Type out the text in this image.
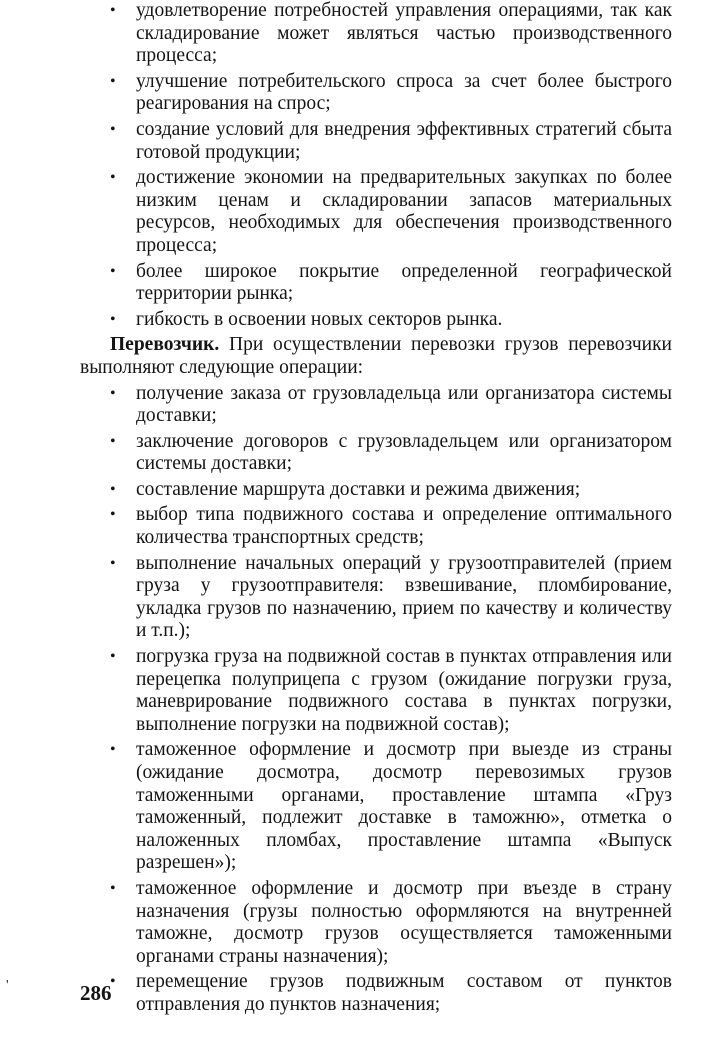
• удовлетворение потребностей управления операциями, так как складирование может являться частью производственного процесса;
• улучшение потребительского спроса за счет более быстрого реагирования на спрос;
• создание условий для внедрения эффективных стратегий сбыта готовой продукции;
• достижение экономии на предварительных закупках по более низким ценам и складировании запасов материальных ресурсов, необходимых для обеспечения производственного процесса;
• более широкое покрытие определенной географической территории рынка;
• гибкость в освоении новых секторов рынка.
Перевозчик. При осуществлении перевозки грузов перевозчики выполняют следующие операции:
• получение заказа от грузовладельца или организатора системы доставки;
• заключение договоров с грузовладельцем или организатором системы доставки;
• составление маршрута доставки и режима движения;
• выбор типа подвижного состава и определение оптимального количества транспортных средств;
• выполнение начальных операций у грузоотправителей (прием груза у грузоотправителя: взвешивание, пломбирование, укладка грузов по назначению, прием по качеству и количеству и т.п.);
• погрузка груза на подвижной состав в пунктах отправления или перецепка полуприцепа с грузом (ожидание погрузки груза, маневрирование подвижного состава в пунктах погрузки, выполнение погрузки на подвижной состав);
• таможенное оформление и досмотр при выезде из страны (ожидание досмотра, досмотр перевозимых грузов таможенными органами, проставление штампа «Груз таможенный, подлежит доставке в таможню», отметка о наложенных пломбах, проставление штампа «Выпуск разрешен»);
• таможенное оформление и досмотр при въезде в страну назначения (грузы полностью оформляются на внутренней таможне, досмотр грузов осуществляется таможенными органами страны назначения);
• перемещение грузов подвижным составом от пунктов отправления до пунктов назначения;
'	286
